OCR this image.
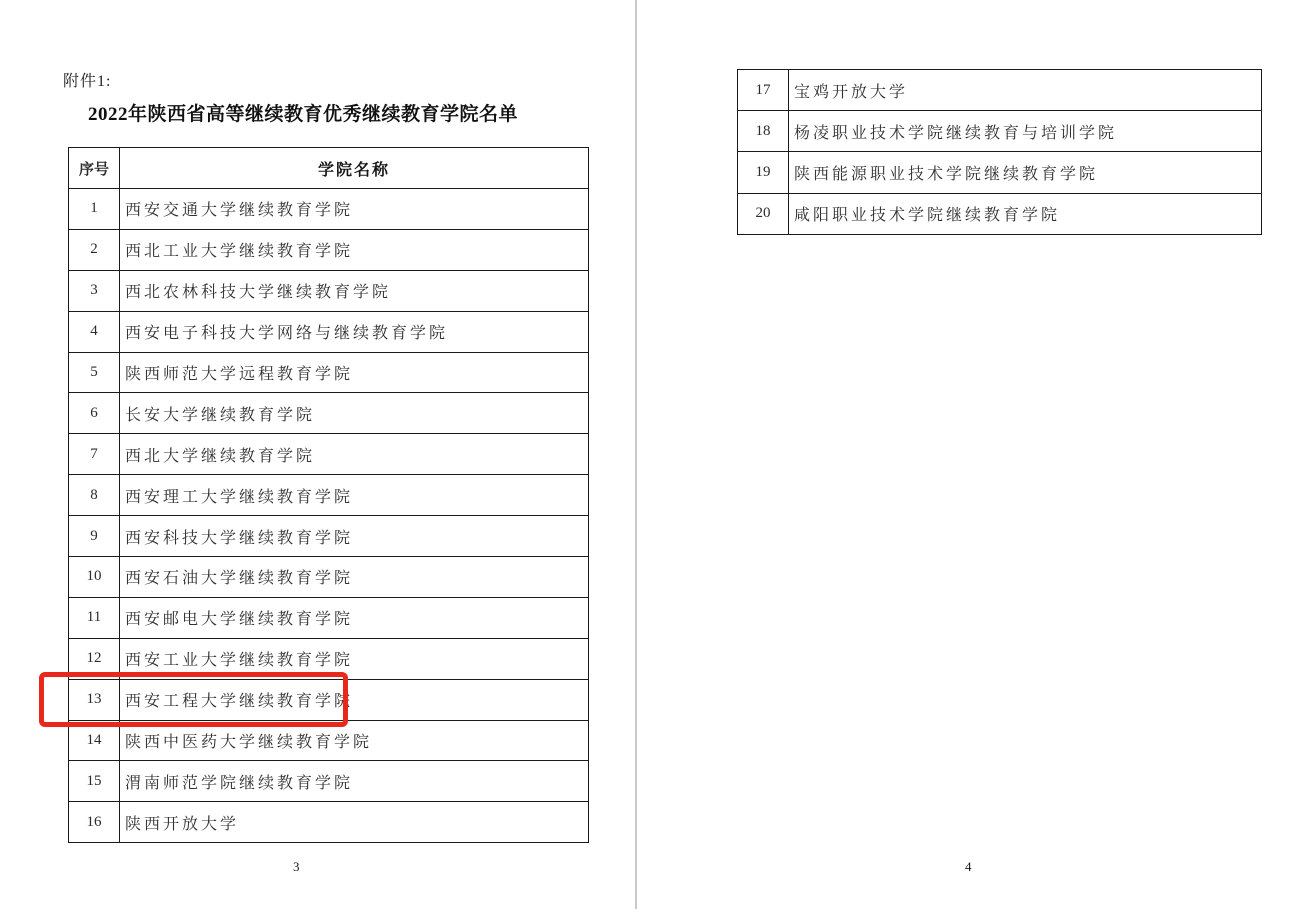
附件1:
2022年陕西省高等继续教育优秀继续教育学院名单
序号	学院名称
1	西安交通大学继续教育学院
2	西北工业大学继续教育学院
3	西北农林科技大学继续教育学院
4	西安电子科技大学网络与继续教育学院
5	陕西师范大学远程教育学院
6	长安大学继续教育学院
7	西北大学继续教育学院
8	西安理工大学继续教育学院
9	西安科技大学继续教育学院
10	西安石油大学继续教育学院
11	西安邮电大学继续教育学院
12	西安工业大学继续教育学院
13	西安工程大学继续教育学院
14	陕西中医药大学继续教育学院
15	渭南师范学院继续教育学院
16	陕西开放大学
3
17	宝鸡开放大学
18	杨凌职业技术学院继续教育与培训学院
19	陕西能源职业技术学院继续教育学院
20	咸阳职业技术学院继续教育学院
4
